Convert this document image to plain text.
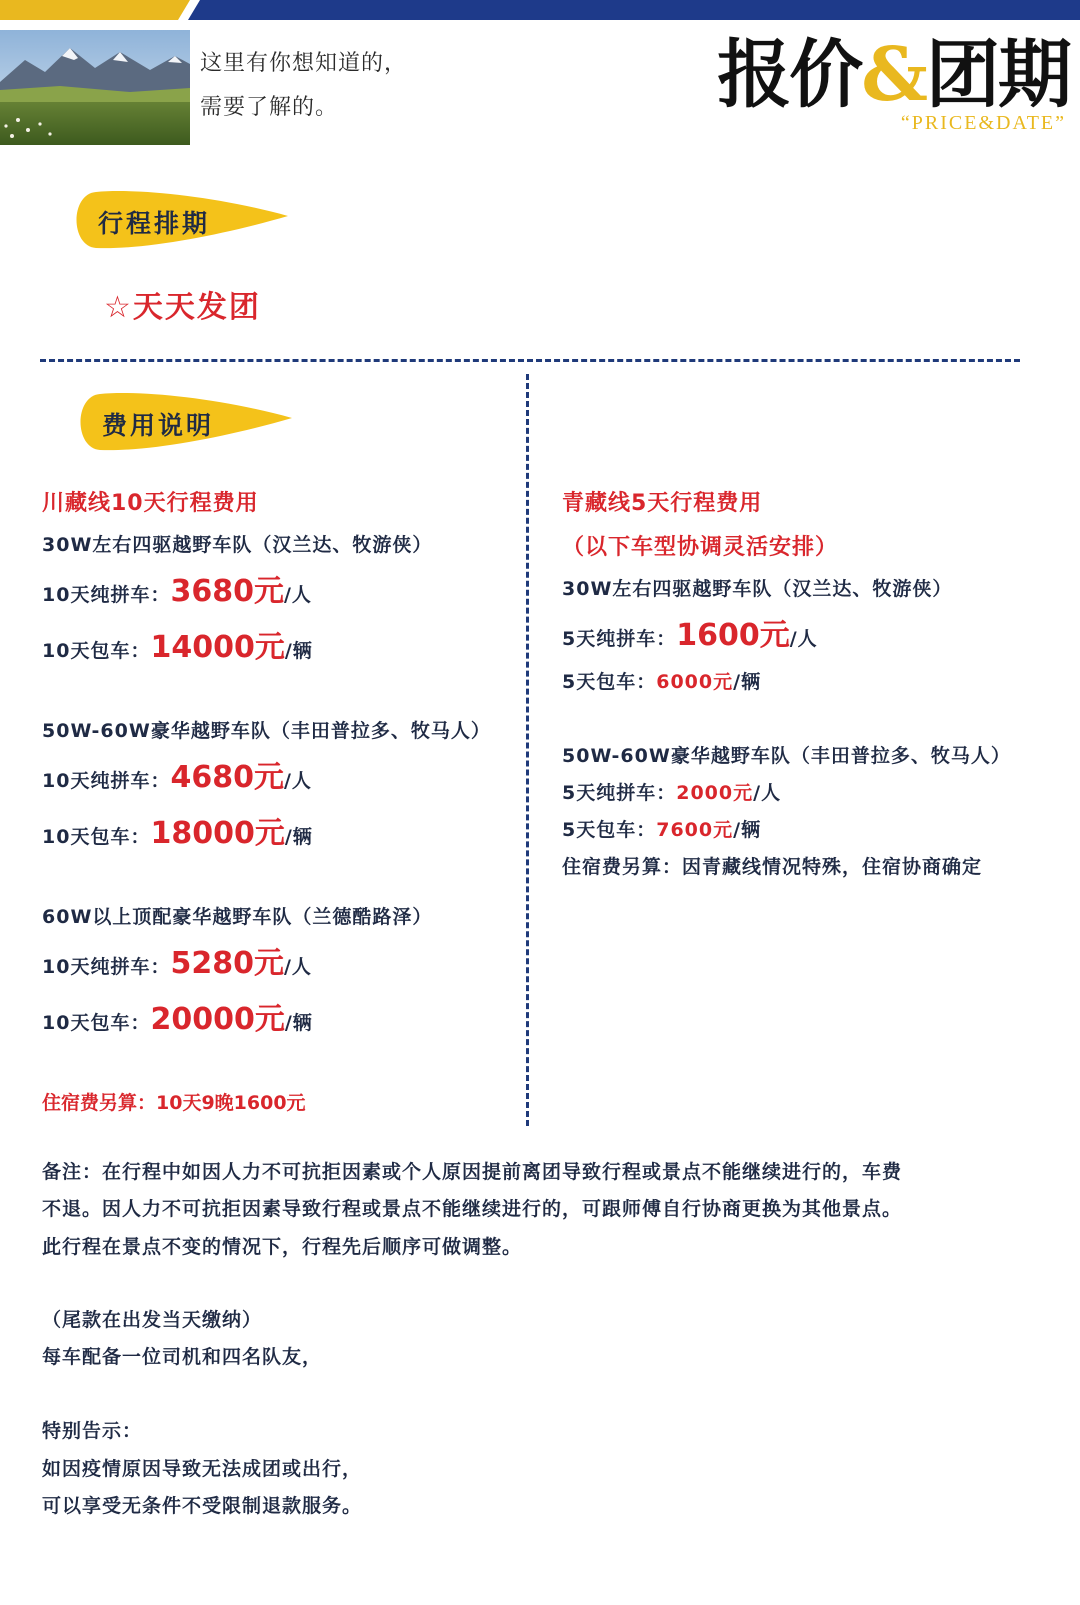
这里有你想知道的，
需要了解的。	报价&团期
“PRICE&DATE”
行程排期
☆天天发团
费用说明
川藏线10天行程费用
30W左右四驱越野车队（汉兰达、牧游侠）
10天纯拼车：3680元/人
10天包车：14000元/辆
50W-60W豪华越野车队（丰田普拉多、牧马人）
10天纯拼车：4680元/人
10天包车：18000元/辆
60W以上顶配豪华越野车队（兰德酷路泽）
10天纯拼车：5280元/人
10天包车：20000元/辆
住宿费另算：10天9晚1600元
青藏线5天行程费用
（以下车型协调灵活安排）
30W左右四驱越野车队（汉兰达、牧游侠）
5天纯拼车：1600元/人
5天包车：6000元/辆
50W-60W豪华越野车队（丰田普拉多、牧马人）
5天纯拼车：2000元/人
5天包车：7600元/辆
住宿费另算：因青藏线情况特殊，住宿协商确定
备注：在行程中如因人力不可抗拒因素或个人原因提前离团导致行程或景点不能继续进行的，车费
不退。因人力不可抗拒因素导致行程或景点不能继续进行的，可跟师傅自行协商更换为其他景点。
此行程在景点不变的情况下，行程先后顺序可做调整。
（尾款在出发当天缴纳）
每车配备一位司机和四名队友，
特别告示：
如因疫情原因导致无法成团或出行，
可以享受无条件不受限制退款服务。
